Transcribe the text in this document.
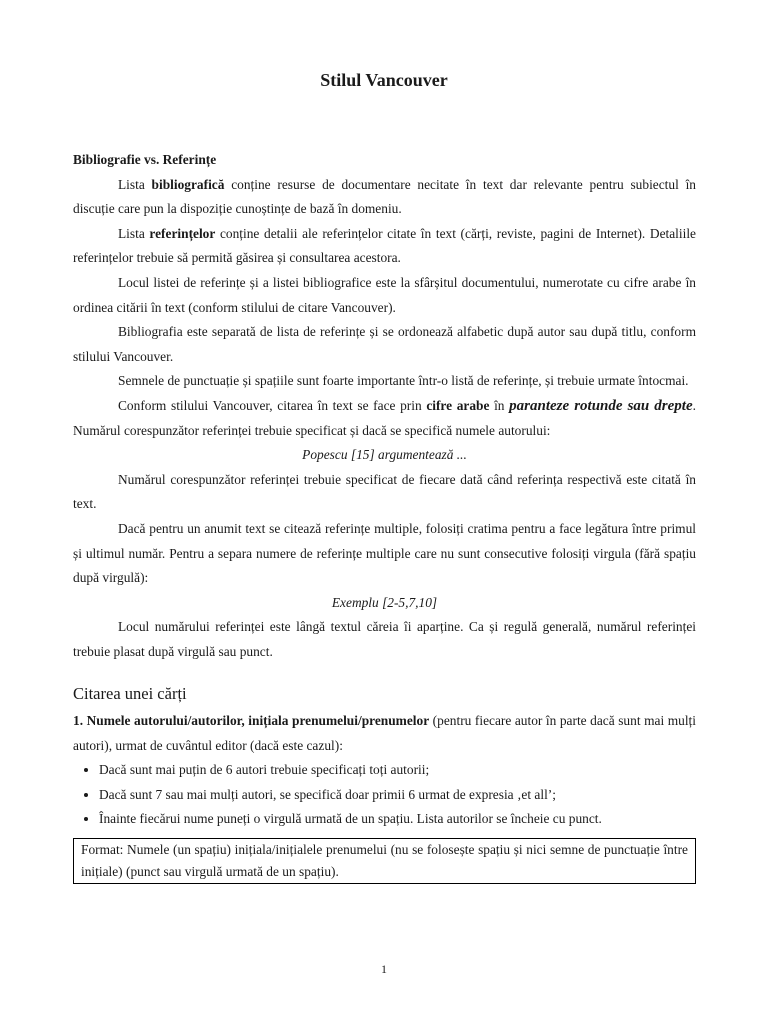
Stilul Vancouver

Bibliografie vs. Referințe

Lista bibliografică conține resurse de documentare necitate în text dar relevante pentru subiectul în discuție care pun la dispoziție cunoștințe de bază în domeniu.

Lista referințelor conține detalii ale referințelor citate în text (cărți, reviste, pagini de Internet). Detaliile referințelor trebuie să permită găsirea și consultarea acestora.

Locul listei de referințe și a listei bibliografice este la sfârșitul documentului, numerotate cu cifre arabe în ordinea citării în text (conform stilului de citare Vancouver).

Bibliografia este separată de lista de referințe și se ordonează alfabetic după autor sau după titlu, conform stilului Vancouver.

Semnele de punctuație și spațiile sunt foarte importante într-o listă de referințe, și trebuie urmate întocmai.

Conform stilului Vancouver, citarea în text se face prin cifre arabe în paranteze rotunde sau drepte. Numărul corespunzător referinței trebuie specificat și dacă se specifică numele autorului:

Popescu [15] argumentează ...

Numărul corespunzător referinței trebuie specificat de fiecare dată când referința respectivă este citată în text.

Dacă pentru un anumit text se citează referințe multiple, folosiți cratima pentru a face legătura între primul și ultimul număr. Pentru a separa numere de referințe multiple care nu sunt consecutive folosiți virgula (fără spațiu după virgulă):

Exemplu [2-5,7,10]

Locul numărului referinței este lângă textul căreia îi aparține. Ca și regulă generală, numărul referinței trebuie plasat după virgulă sau punct.

Citarea unei cărți

1. Numele autorului/autorilor, inițiala prenumelui/prenumelor (pentru fiecare autor în parte dacă sunt mai mulți autori), urmat de cuvântul editor (dacă este cazul):

• Dacă sunt mai puțin de 6 autori trebuie specificați toți autorii;
• Dacă sunt 7 sau mai mulți autori, se specifică doar primii 6 urmat de expresia ‚et all’;
• Înainte fiecărui nume puneți o virgulă urmată de un spațiu. Lista autorilor se încheie cu punct.
Format: Numele (un spațiu) inițiala/inițialele prenumelui (nu se folosește spațiu și nici semne de punctuație între inițiale) (punct sau virgulă urmată de un spațiu).
1
